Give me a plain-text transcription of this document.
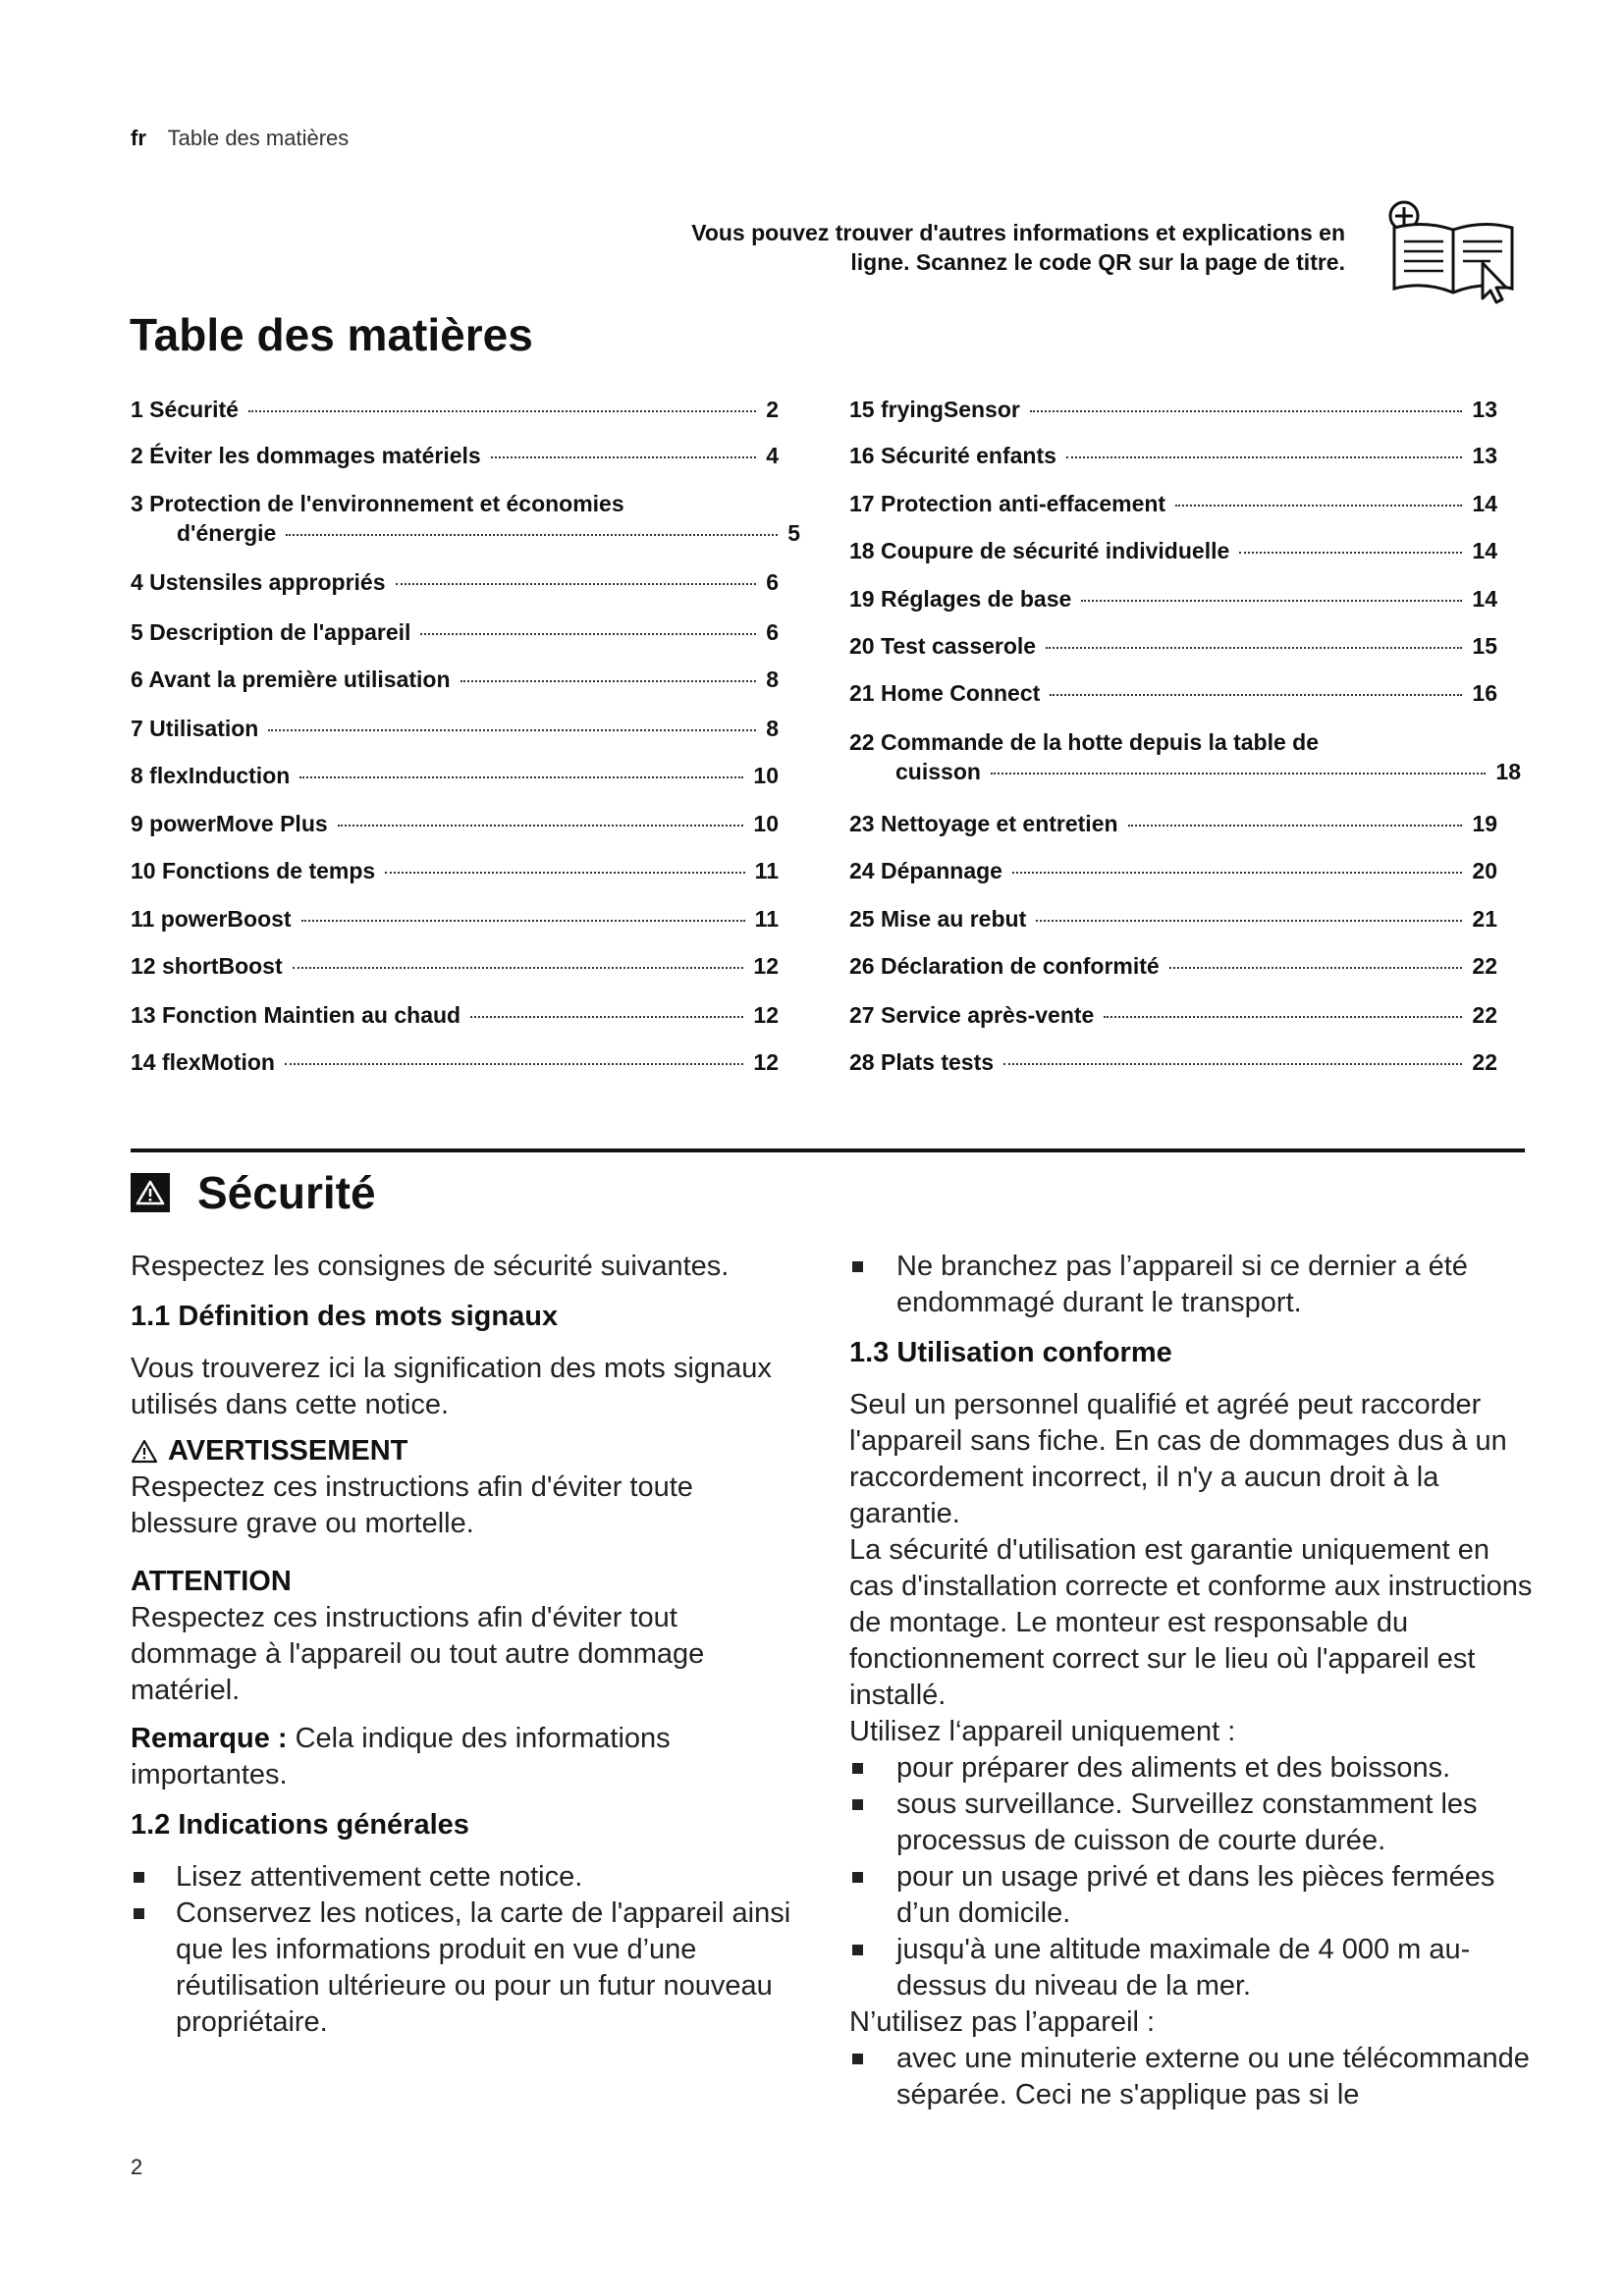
fr Table des matières
Vous pouvez trouver d'autres informations et explications en
ligne. Scannez le code QR sur la page de titre.
Table des matières
1 Sécurité	2
2 Éviter les dommages matériels	4
3 Protection de l'environnement et économies
d'énergie	5
4 Ustensiles appropriés	6
5 Description de l'appareil	6
6 Avant la première utilisation	8
7 Utilisation	8
8 flexInduction	10
9 powerMove Plus	10
10 Fonctions de temps	11
11 powerBoost	11
12 shortBoost	12
13 Fonction Maintien au chaud	12
14 flexMotion	12
15 fryingSensor	13
16 Sécurité enfants	13
17 Protection anti-effacement	14
18 Coupure de sécurité individuelle	14
19 Réglages de base	14
20 Test casserole	15
21 Home Connect	16
22 Commande de la hotte depuis la table de
cuisson	18
23 Nettoyage et entretien	19
24 Dépannage	20
25 Mise au rebut	21
26 Déclaration de conformité	22
27 Service après-vente	22
28 Plats tests	22
Sécurité

Respectez les consignes de sécurité suivantes.

1.1 Définition des mots signaux

Vous trouverez ici la signification des mots signaux utilisés dans cette notice.

AVERTISSEMENT

Respectez ces instructions afin d'éviter toute blessure grave ou mortelle.

ATTENTION

Respectez ces instructions afin d'éviter tout dommage à l'appareil ou tout autre dommage matériel.

Remarque : Cela indique des informations importantes.

1.2 Indications générales
Lisez attentivement cette notice.
Conservez les notices, la carte de l'appareil ainsi que les informations produit en vue d’une réutilisation ultérieure ou pour un futur nouveau propriétaire.
Ne branchez pas l’appareil si ce dernier a été endommagé durant le transport.
1.3 Utilisation conforme

Seul un personnel qualifié et agréé peut raccorder l'appareil sans fiche. En cas de dommages dus à un raccordement incorrect, il n'y a aucun droit à la garantie.

La sécurité d'utilisation est garantie uniquement en cas d'installation correcte et conforme aux instructions de montage. Le monteur est responsable du fonctionnement correct sur le lieu où l'appareil est installé.

Utilisez l‘appareil uniquement :

pour préparer des aliments et des boissons.
sous surveillance. Surveillez constamment les processus de cuisson de courte durée.
pour un usage privé et dans les pièces fermées d’un domicile.
jusqu'à une altitude maximale de 4 000 m au-dessus du niveau de la mer.

N’utilisez pas l’appareil :

avec une minuterie externe ou une télécommande séparée. Ceci ne s'applique pas si le
2
